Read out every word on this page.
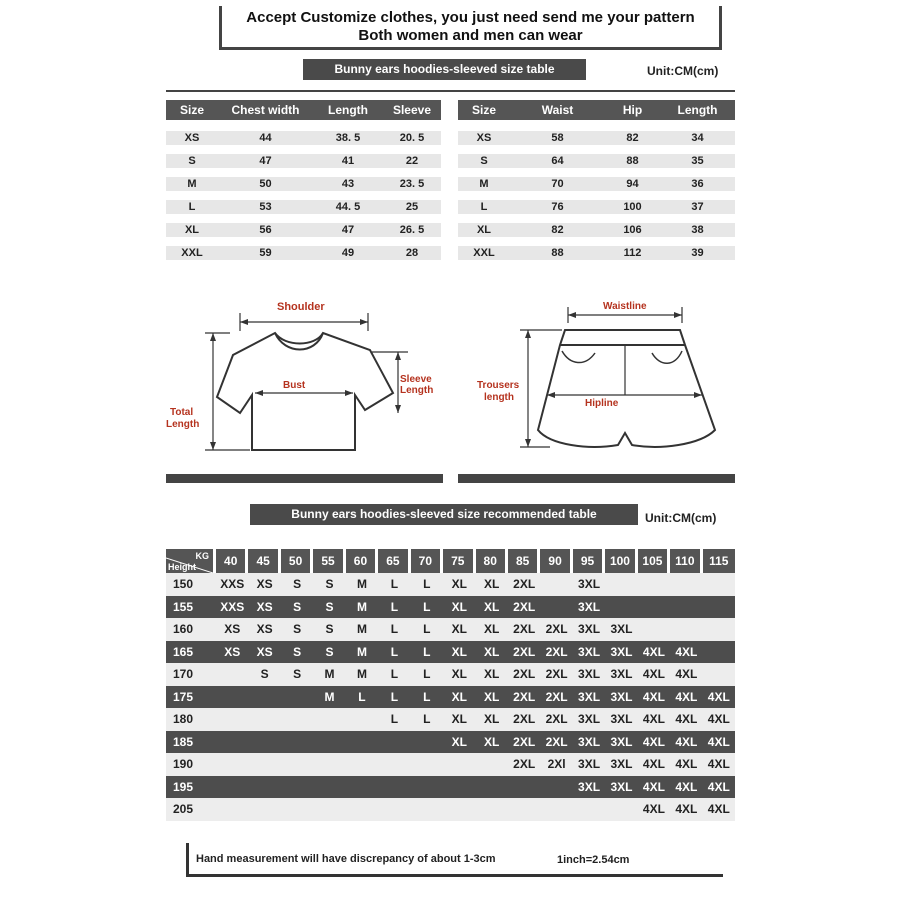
Accept Customize clothes, you just need send me your pattern
Both women and men can wear
Bunny ears hoodies-sleeved size table	Unit:CM(cm)
Size	Chest width	Length	Sleeve

XS	44	38. 5	20. 5

S	47	41	22

M	50	43	23. 5

L	53	44. 5	25

XL	56	47	26. 5

XXL	59	49	28
Size	Waist	Hip	Length

XS	58	82	34

S	64	88	35

M	70	94	36

L	76	100	37

XL	82	106	38

XXL	88	112	39
Shoulder
Bust
Sleeve
Length
Total
Length
Waistline
Hipline
Trousers
length
Bunny ears hoodies-sleeved size recommended table	Unit:CM(cm)
KG
Height	40	45	50	55	60	65	70	75	80	85	90	95	100	105	110	115
150	XXS	XS	S	S	M	L	L	XL	XL	2XL		3XL				
155	XXS	XS	S	S	M	L	L	XL	XL	2XL		3XL				
160	XS	XS	S	S	M	L	L	XL	XL	2XL	2XL	3XL	3XL			
165	XS	XS	S	S	M	L	L	XL	XL	2XL	2XL	3XL	3XL	4XL	4XL	
170		S	S	M	M	L	L	XL	XL	2XL	2XL	3XL	3XL	4XL	4XL	
175				M	L	L	L	XL	XL	2XL	2XL	3XL	3XL	4XL	4XL	4XL
180						L	L	XL	XL	2XL	2XL	3XL	3XL	4XL	4XL	4XL
185								XL	XL	2XL	2XL	3XL	3XL	4XL	4XL	4XL
190										2XL	2Xl	3XL	3XL	4XL	4XL	4XL
195												3XL	3XL	4XL	4XL	4XL
205														4XL	4XL	4XL
Hand measurement will have discrepancy of about 1-3cm	1inch=2.54cm
